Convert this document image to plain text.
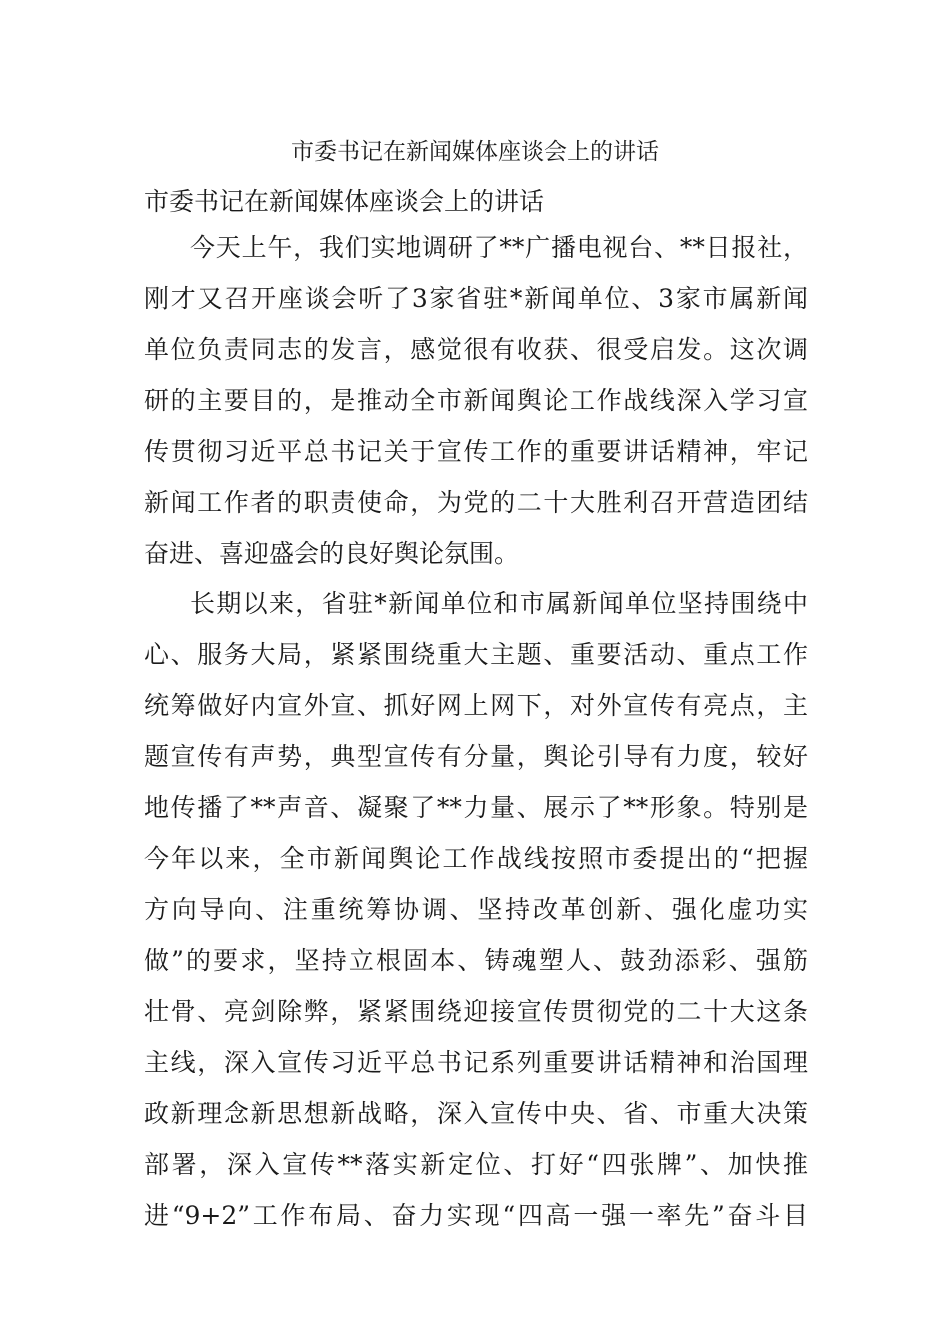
市委书记在新闻媒体座谈会上的讲话
市委书记在新闻媒体座谈会上的讲话
今天上午，我们实地调研了**广播电视台、**日报社，
刚才又召开座谈会听了3家省驻*新闻单位、3家市属新闻
单位负责同志的发言，感觉很有收获、很受启发。这次调
研的主要目的，是推动全市新闻舆论工作战线深入学习宣
传贯彻习近平总书记关于宣传工作的重要讲话精神，牢记
新闻工作者的职责使命，为党的二十大胜利召开营造团结
奋进、喜迎盛会的良好舆论氛围。
长期以来，省驻*新闻单位和市属新闻单位坚持围绕中
心、服务大局，紧紧围绕重大主题、重要活动、重点工作
统筹做好内宣外宣、抓好网上网下，对外宣传有亮点，主
题宣传有声势，典型宣传有分量，舆论引导有力度，较好
地传播了**声音、凝聚了**力量、展示了**形象。特别是
今年以来，全市新闻舆论工作战线按照市委提出的“把握
方向导向、注重统筹协调、坚持改革创新、强化虚功实
做”的要求，坚持立根固本、铸魂塑人、鼓劲添彩、强筋
壮骨、亮剑除弊，紧紧围绕迎接宣传贯彻党的二十大这条
主线，深入宣传习近平总书记系列重要讲话精神和治国理
政新理念新思想新战略，深入宣传中央、省、市重大决策
部署，深入宣传**落实新定位、打好“四张牌”、加快推
进“9+2”工作布局、奋力实现“四高一强一率先”奋斗目
